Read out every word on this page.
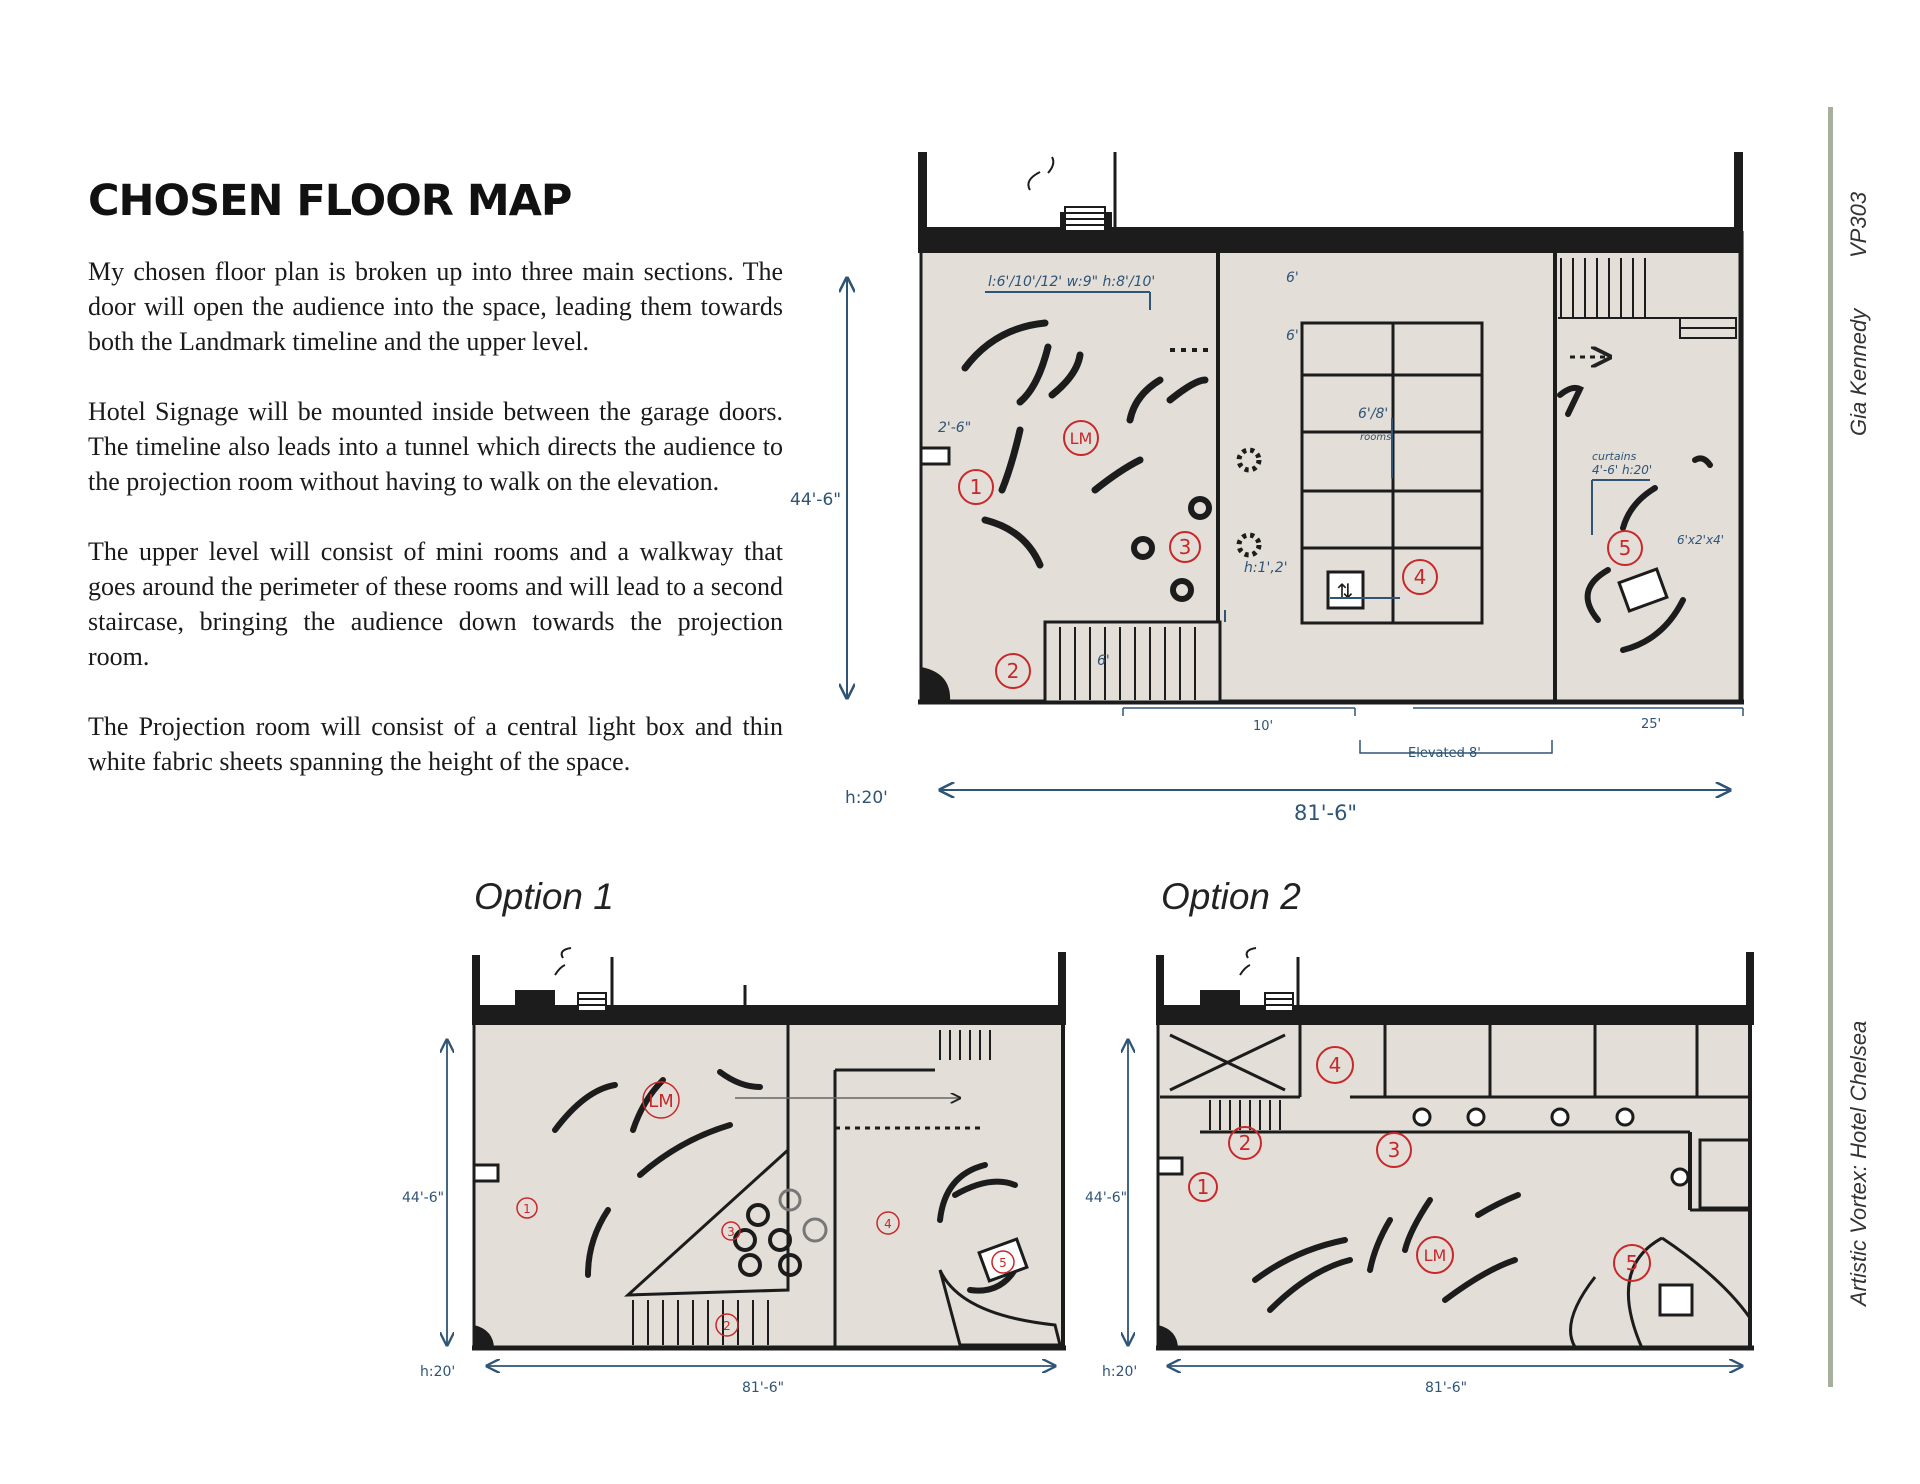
CHOSEN FLOOR MAP

My chosen floor plan is broken up into three main sections. The door will open the audience into the space, leading them towards both the Landmark timeline and the upper level.

Hotel Signage will be mounted inside between the garage doors. The timeline also leads into a tunnel which directs the audience to the projection room without having to walk on the elevation.

The upper level will consist of mini rooms and a walkway that goes around the perimeter of these rooms and will lead to a second staircase, bringing the audience down towards the projection room.

The Projection room will consist of a central light box and thin white fabric sheets spanning the height of the space.

Option 1	Option 2
VP303
Gia Kennedy
Artistic Vortex: Hotel Chelsea
⇅
l:6'/10'/12' w:9" h:8'/10'
2'-6"
6'/8'
rooms
6'
6'
6'
h:1',2'
curtains
4'-6' h:20'
6'x2'x4'
1
2
3
4
5
LM
44'-6"
h:20'
81'-6"
10'	25'
Elevated 8'
LM
1
2
3
4
5
44'-6"
h:20'
81'-6"
1
2	3
4
5
LM
44'-6"
h:20'
81'-6"
